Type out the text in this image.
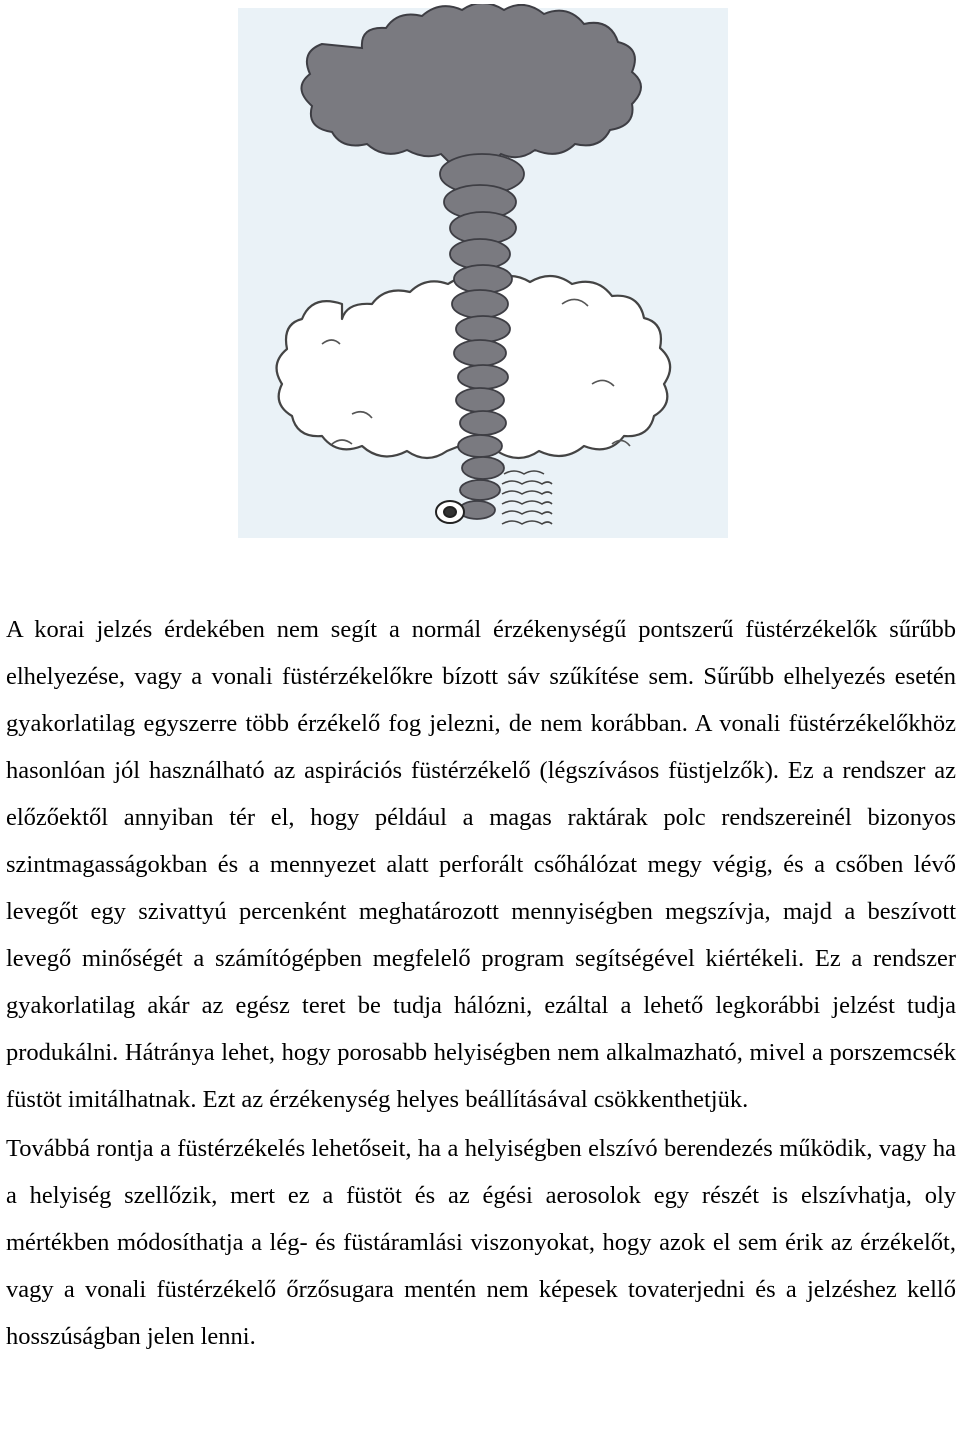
A korai jelzés érdekében nem segít a normál érzékenységű pontszerű füstérzékelők sűrűbb elhelyezése, vagy a vonali füstérzékelőkre bízott sáv szűkítése sem. Sűrűbb elhelyezés esetén gyakorlatilag egyszerre több érzékelő fog jelezni, de nem korábban. A vonali füstérzékelőkhöz hasonlóan jól használható az aspirációs füstérzékelő (légszívásos füstjelzők). Ez a rendszer az előzőektől annyiban tér el, hogy például a magas raktárak polc rendszereinél bizonyos szintmagasságokban és a mennyezet alatt perforált csőhálózat megy végig, és a csőben lévő levegőt egy szivattyú percenként meghatározott mennyiségben megszívja, majd a beszívott levegő minőségét a számítógépben megfelelő program segítségével kiértékeli. Ez a rendszer gyakorlatilag akár az egész teret be tudja hálózni, ezáltal a lehető legkorábbi jelzést tudja produkálni. Hátránya lehet, hogy porosabb helyiségben nem alkalmazható, mivel a porszemcsék füstöt imitálhatnak. Ezt az érzékenység helyes beállításával csökkenthetjük.

Továbbá rontja a füstérzékelés lehetőseit, ha a helyiségben elszívó berendezés működik, vagy ha a helyiség szellőzik, mert ez a füstöt és az égési aerosolok egy részét is elszívhatja, oly mértékben módosíthatja a lég- és füstáramlási viszonyokat, hogy azok el sem érik az érzékelőt, vagy a vonali füstérzékelő őrzősugara mentén nem képesek tovaterjedni és a jelzéshez kellő hosszúságban jelen lenni.
